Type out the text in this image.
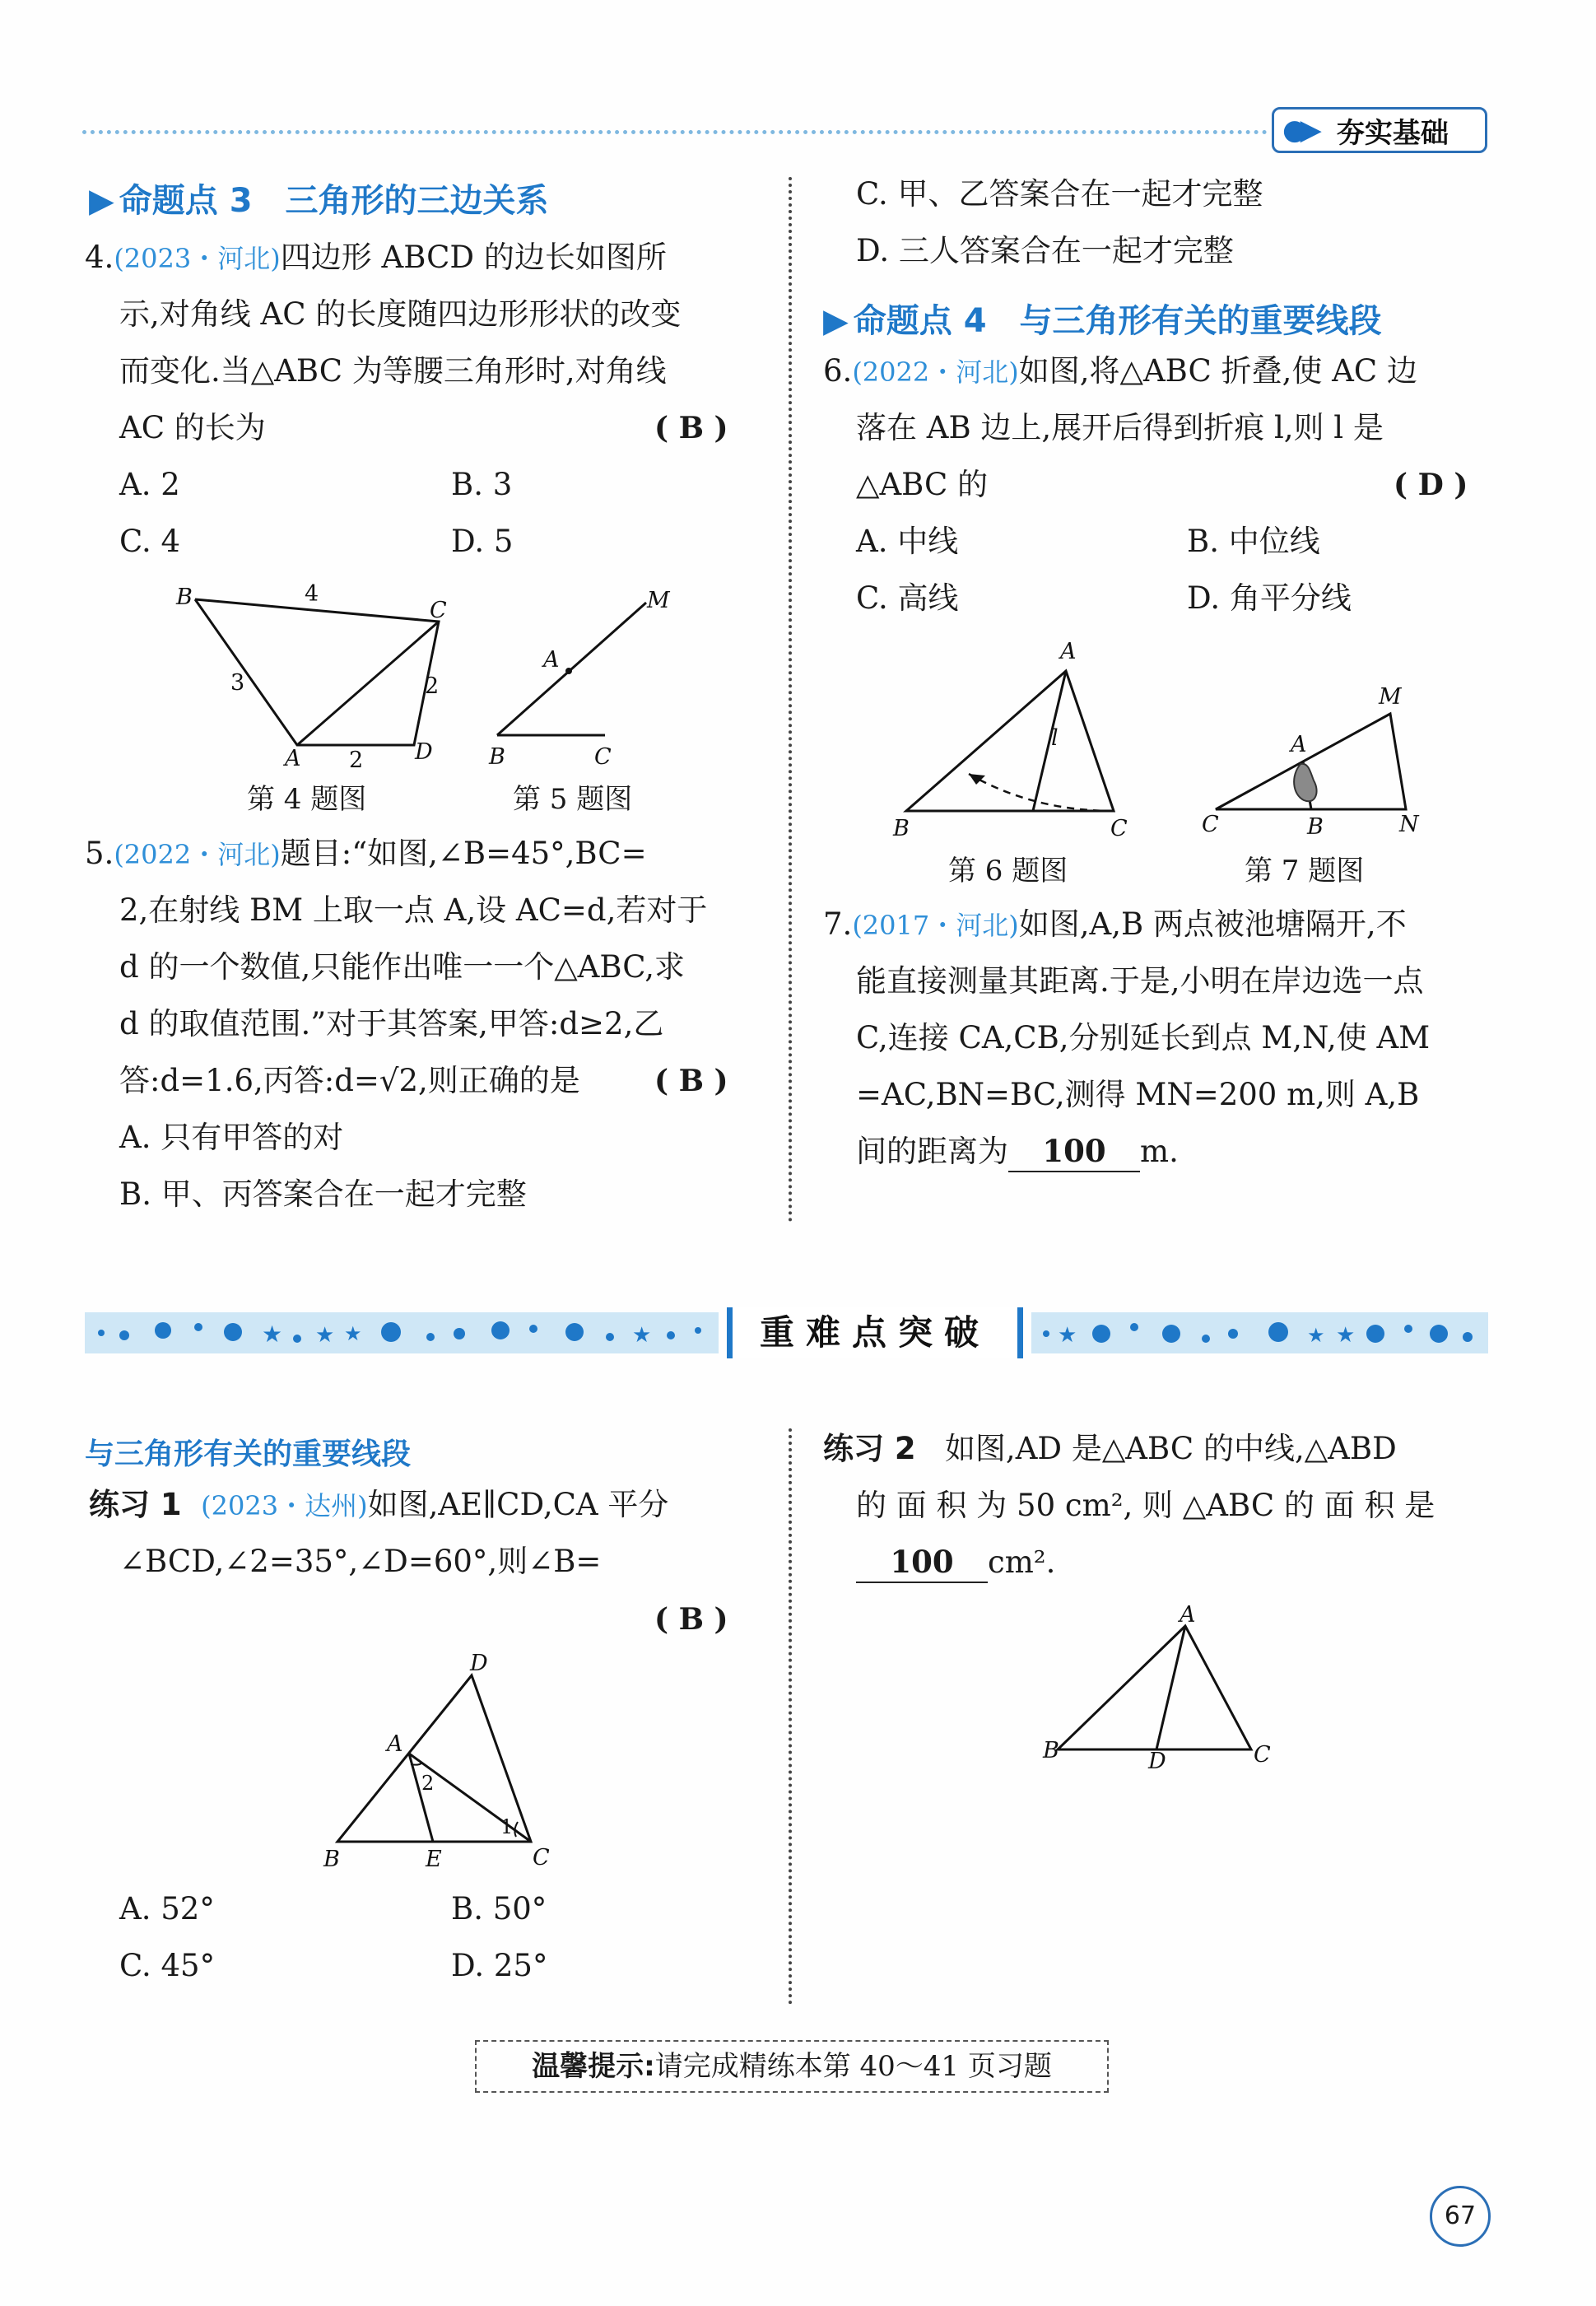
●▶ 夯实基础
▶ 命题点 3　三角形的三边关系
4.(2023・河北)四边形 ABCD 的边长如图所
示,对角线 AC 的长度随四边形形状的改变
而变化.当△ABC 为等腰三角形时,对角线
AC 的长为	( B )
A. 2	B. 3
C. 4	D. 5
B
C
A	D
4
3	2
2
第 4 题图
A
M
B	C
第 5 题图
5.(2022・河北)题目:“如图,∠B=45°,BC=
2,在射线 BM 上取一点 A,设 AC=d,若对于
d 的一个数值,只能作出唯一一个△ABC,求
d 的取值范围.”对于其答案,甲答:d≥2,乙
答:d=1.6,丙答:d=√2,则正确的是	( B )
A. 只有甲答的对
B. 甲、丙答案合在一起才完整
C. 甲、乙答案合在一起才完整
D. 三人答案合在一起才完整
▶ 命题点 4　与三角形有关的重要线段
6.(2022・河北)如图,将△ABC 折叠,使 AC 边
落在 AB 边上,展开后得到折痕 l,则 l 是
△ABC 的	( D )
A. 中线	B. 中位线
C. 高线	D. 角平分线
A
B	C
l
第 6 题图
A
M
C	B	N
第 7 题图
7.(2017・河北)如图,A,B 两点被池塘隔开,不
能直接测量其距离.于是,小明在岸边选一点
C,连接 CA,CB,分别延长到点 M,N,使 AM
=AC,BN=BC,测得 MN=200 m,则 A,B
间的距离为 100 m.
★ ★ ★	★	★	★ ★
重难点突破
与三角形有关的重要线段
练习 1 (2023・达州)如图,AE∥CD,CA 平分
∠BCD,∠2=35°,∠D=60°,则∠B=
( B )
D
A
B	E	C
1
2
A. 52°	B. 50°
C. 45°	D. 25°
练习 2 如图,AD 是△ABC 的中线,△ABD
的 面 积 为 50 cm², 则 △ABC 的 面 积 是
100 cm².
A
B	D	C
温馨提示:请完成精练本第 40～41 页习题
67
